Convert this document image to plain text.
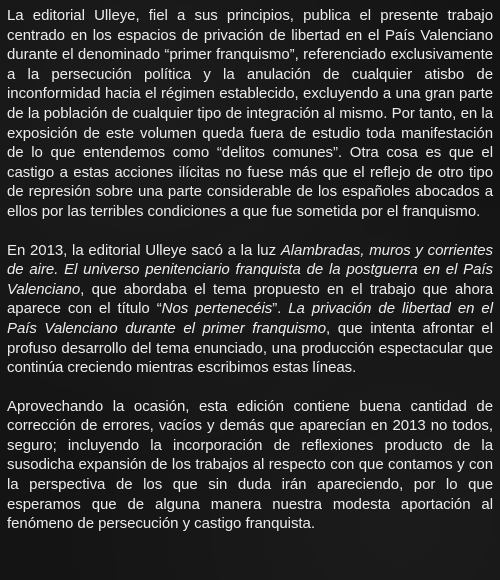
La editorial Ulleye, fiel a sus principios, publica el presente trabajo centrado en los espacios de privación de libertad en el País Valenciano durante el denominado “primer franquismo”, referenciado exclusivamente a la persecución política y la anulación de cualquier atisbo de inconformidad hacia el régimen establecido, excluyendo a una gran parte de la población de cualquier tipo de integración al mismo. Por tanto, en la exposición de este volumen queda fuera de estudio toda manifestación de lo que entendemos como “delitos comunes”. Otra cosa es que el castigo a estas acciones ilícitas no fuese más que el reflejo de otro tipo de represión sobre una parte considerable de los españoles abocados a ellos por las terribles condiciones a que fue sometida por el franquismo.

En 2013, la editorial Ulleye sacó a la luz Alambradas, muros y corrientes de aire. El universo penitenciario franquista de la postguerra en el País Valenciano, que abordaba el tema propuesto en el trabajo que ahora aparece con el título “Nos pertenecéis”. La privación de libertad en el País Valenciano durante el primer franquismo, que intenta afrontar el profuso desarrollo del tema enunciado, una producción espectacular que continúa creciendo mientras escribimos estas líneas.

Aprovechando la ocasión, esta edición contiene buena cantidad de corrección de errores, vacíos y demás que aparecían en 2013 no todos, seguro; incluyendo la incorporación de reflexiones producto de la susodicha expansión de los trabajos al respecto con que contamos y con la perspectiva de los que sin duda irán apareciendo, por lo que esperamos que de alguna manera nuestra modesta aportación al fenómeno de persecución y castigo franquista.
